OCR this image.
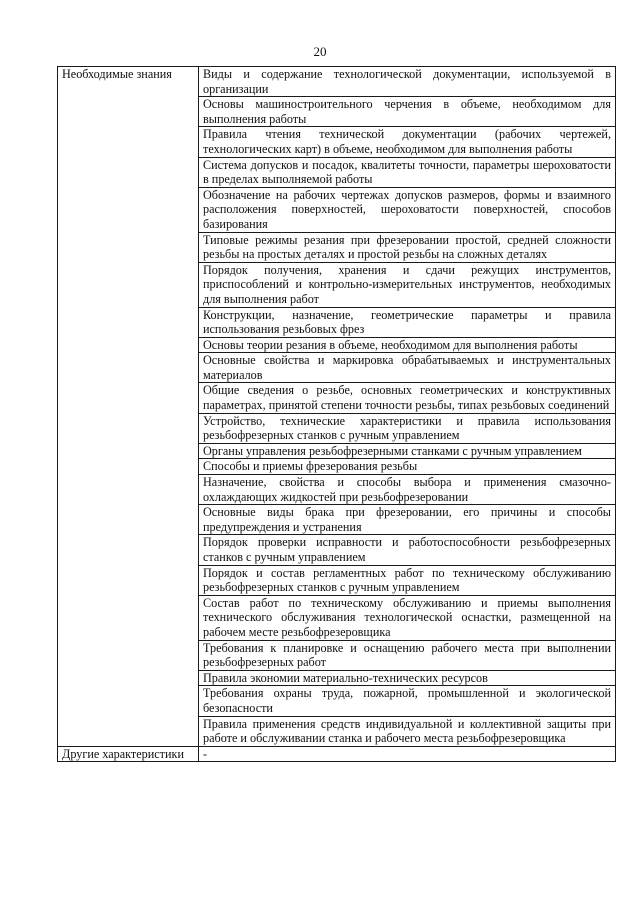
20
Необходимые знания	Виды и содержание технологической документации, используемой в организации
	Основы машиностроительного черчения в объеме, необходимом для выполнения работы
	Правила чтения технической документации (рабочих чертежей, технологических карт) в объеме, необходимом для выполнения работы
	Система допусков и посадок, квалитеты точности, параметры шероховатости в пределах выполняемой работы
	Обозначение на рабочих чертежах допусков размеров, формы и взаимного расположения поверхностей, шероховатости поверхностей, способов базирования
	Типовые режимы резания при фрезеровании простой, средней сложности резьбы на простых деталях и простой резьбы на сложных деталях
	Порядок получения, хранения и сдачи режущих инструментов, приспособлений и контрольно-измерительных инструментов, необходимых для выполнения работ
	Конструкции, назначение, геометрические параметры и правила использования резьбовых фрез
	Основы теории резания в объеме, необходимом для выполнения работы
	Основные свойства и маркировка обрабатываемых и инструментальных материалов
	Общие сведения о резьбе, основных геометрических и конструктивных параметрах, принятой степени точности резьбы, типах резьбовых соединений
	Устройство, технические характеристики и правила использования резьбофрезерных станков с ручным управлением
	Органы управления резьбофрезерными станками с ручным управлением
	Способы и приемы фрезерования резьбы
	Назначение, свойства и способы выбора и применения смазочно-охлаждающих жидкостей при резьбофрезеровании
	Основные виды брака при фрезеровании, его причины и способы предупреждения и устранения
	Порядок проверки исправности и работоспособности резьбофрезерных станков с ручным управлением
	Порядок и состав регламентных работ по техническому обслуживанию резьбофрезерных станков с ручным управлением
	Состав работ по техническому обслуживанию и приемы выполнения технического обслуживания технологической оснастки, размещенной на рабочем месте резьбофрезеровщика
	Требования к планировке и оснащению рабочего места при выполнении резьбофрезерных работ
	Правила экономии материально-технических ресурсов
	Требования охраны труда, пожарной, промышленной и экологической безопасности
	Правила применения средств индивидуальной и коллективной защиты при работе и обслуживании станка и рабочего места резьбофрезеровщика
Другие характеристики	-
